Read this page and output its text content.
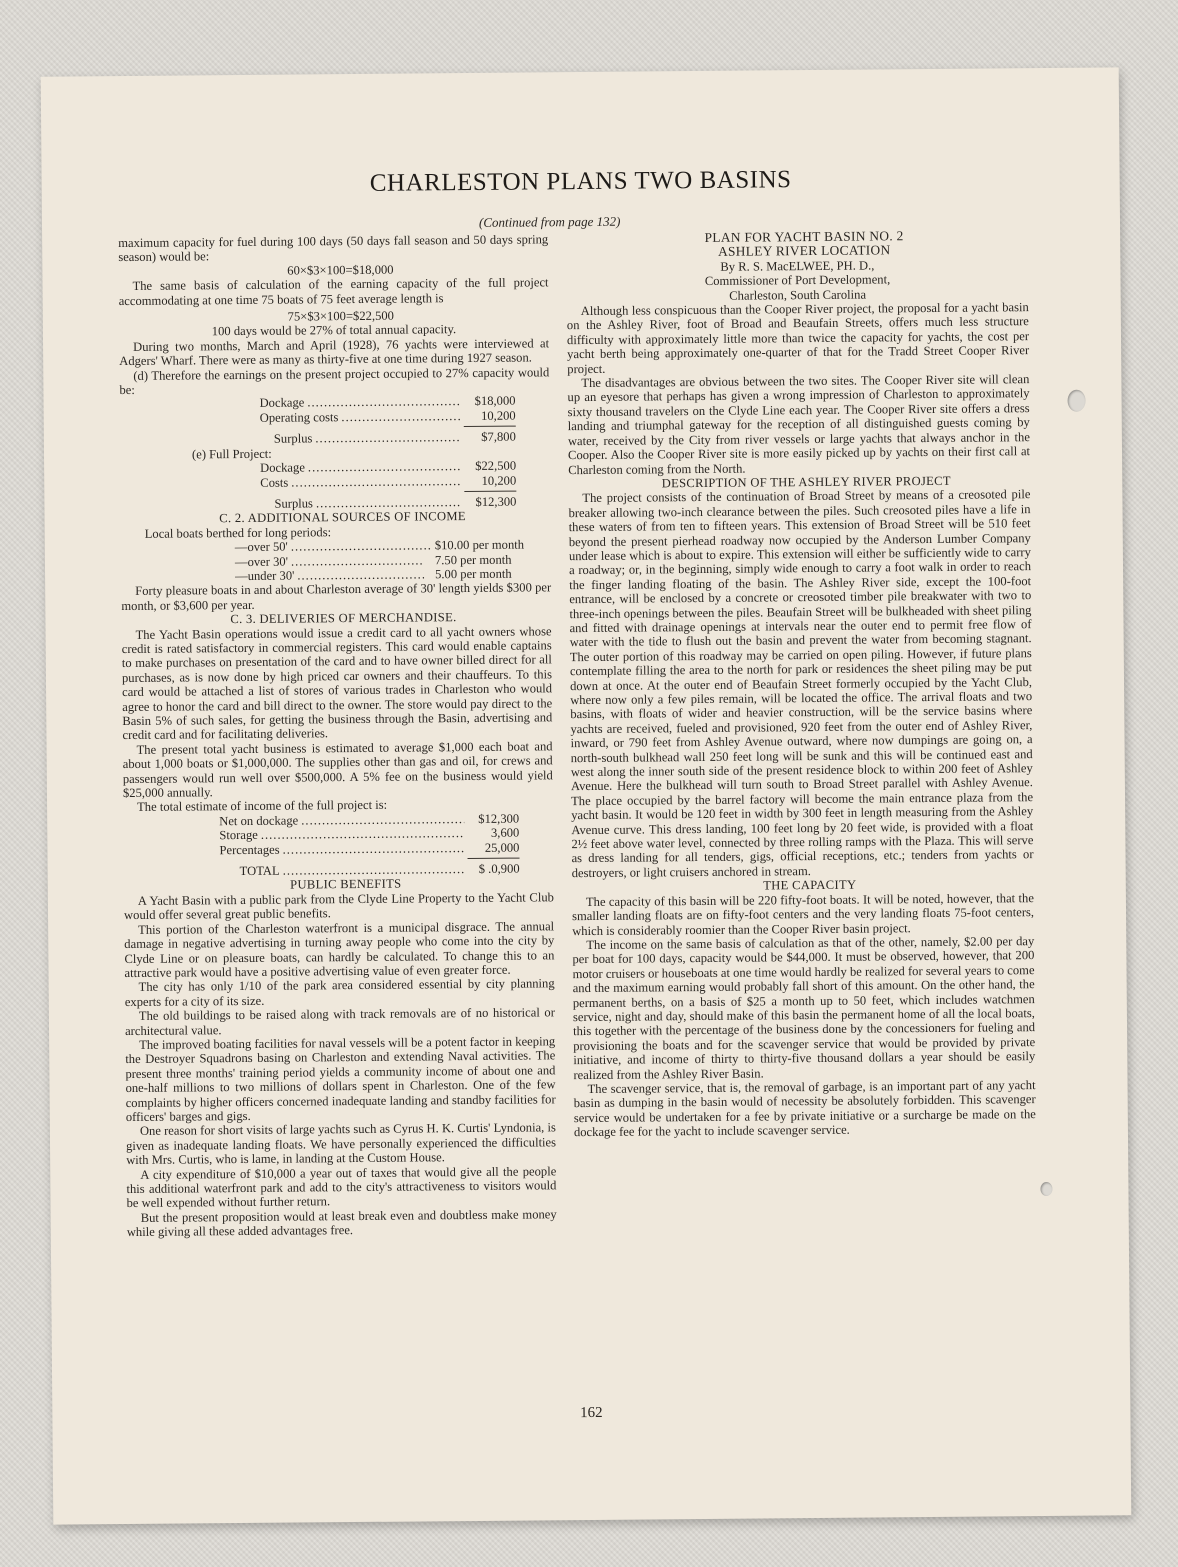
CHARLESTON PLANS TWO BASINS
(Continued from page 132)

maximum capacity for fuel during 100 days (50 days fall season and 50 days spring season) would be:

60×$3×100=$18,000

The same basis of calculation of the earning capacity of the full project accommodating at one time 75 boats of 75 feet average length is

75×$3×100=$22,500

100 days would be 27% of total annual capacity.

During two months, March and April (1928), 76 yachts were interviewed at Adgers' Wharf. There were as many as thirty-five at one time during 1927 season.

(d) Therefore the earnings on the present project occupied to 27% capacity would be:

Dockage .....	$18,000
Operating costs .....	10,200
Surplus .....	$7,800
(e) Full Project:
Dockage .....	$22,500
Costs .....	10,200
Surplus .....	$12,300

C. 2. ADDITIONAL SOURCES OF INCOME

Local boats berthed for long periods:

—over 50' .....	$10.00 per month
—over 30' .....	7.50 per month
—under 30' .....	5.00 per month

Forty pleasure boats in and about Charleston average of 30' length yields $300 per month, or $3,600 per year.

C. 3. DELIVERIES OF MERCHANDISE.

The Yacht Basin operations would issue a credit card to all yacht owners whose credit is rated satisfactory in commercial registers. This card would enable captains to make purchases on presentation of the card and to have owner billed direct for all purchases, as is now done by high priced car owners and their chauffeurs. To this card would be attached a list of stores of various trades in Charleston who would agree to honor the card and bill direct to the owner. The store would pay direct to the Basin 5% of such sales, for getting the business through the Basin, advertising and credit card and for facilitating deliveries.

The present total yacht business is estimated to average $1,000 each boat and about 1,000 boats or $1,000,000. The supplies other than gas and oil, for crews and passengers would run well over $500,000. A 5% fee on the business would yield $25,000 annually.

The total estimate of income of the full project is:

Net on dockage .....	$12,300
Storage .....	3,600
Percentages .....	25,000
TOTAL .....	$ .0,900

PUBLIC BENEFITS

A Yacht Basin with a public park from the Clyde Line Property to the Yacht Club would offer several great public benefits.

This portion of the Charleston waterfront is a municipal disgrace. The annual damage in negative advertising in turning away people who come into the city by Clyde Line or on pleasure boats, can hardly be calculated. To change this to an attractive park would have a positive advertising value of even greater force.

The city has only 1/10 of the park area considered essential by city planning experts for a city of its size.

The old buildings to be raised along with track removals are of no historical or architectural value.

The improved boating facilities for naval vessels will be a potent factor in keeping the Destroyer Squadrons basing on Charleston and extending Naval activities. The present three months' training period yields a community income of about one and one-half millions to two millions of dollars spent in Charleston. One of the few complaints by higher officers concerned inadequate landing and standby facilities for officers' barges and gigs.

One reason for short visits of large yachts such as Cyrus H. K. Curtis' Lyndonia, is given as inadequate landing floats. We have personally experienced the difficulties with Mrs. Curtis, who is lame, in landing at the Custom House.

A city expenditure of $10,000 a year out of taxes that would give all the people this additional waterfront park and add to the city's attractiveness to visitors would be well expended without further return.

But the present proposition would at least break even and doubtless make money while giving all these added advantages free.

PLAN FOR YACHT BASIN NO. 2

ASHLEY RIVER LOCATION

By R. S. MacELWEE, PH. D.,

Commissioner of Port Development,

Charleston, South Carolina

Although less conspicuous than the Cooper River project, the proposal for a yacht basin on the Ashley River, foot of Broad and Beaufain Streets, offers much less structure difficulty with approximately little more than twice the capacity for yachts, the cost per yacht berth being approximately one-quarter of that for the Tradd Street Cooper River project.

The disadvantages are obvious between the two sites. The Cooper River site will clean up an eyesore that perhaps has given a wrong impression of Charleston to approximately sixty thousand travelers on the Clyde Line each year. The Cooper River site offers a dress landing and triumphal gateway for the reception of all distinguished guests coming by water, received by the City from river vessels or large yachts that always anchor in the Cooper. Also the Cooper River site is more easily picked up by yachts on their first call at Charleston coming from the North.

DESCRIPTION OF THE ASHLEY RIVER PROJECT

The project consists of the continuation of Broad Street by means of a creosoted pile breaker allowing two-inch clearance between the piles. Such creosoted piles have a life in these waters of from ten to fifteen years. This extension of Broad Street will be 510 feet beyond the present pierhead roadway now occupied by the Anderson Lumber Company under lease which is about to expire. This extension will either be sufficiently wide to carry a roadway; or, in the beginning, simply wide enough to carry a foot walk in order to reach the finger landing floating of the basin. The Ashley River side, except the 100-foot entrance, will be enclosed by a concrete or creosoted timber pile breakwater with two to three-inch openings between the piles. Beaufain Street will be bulkheaded with sheet piling and fitted with drainage openings at intervals near the outer end to permit free flow of water with the tide to flush out the basin and prevent the water from becoming stagnant. The outer portion of this roadway may be carried on open piling. However, if future plans contemplate filling the area to the north for park or residences the sheet piling may be put down at once. At the outer end of Beaufain Street formerly occupied by the Yacht Club, where now only a few piles remain, will be located the office. The arrival floats and two basins, with floats of wider and heavier construction, will be the service basins where yachts are received, fueled and provisioned, 920 feet from the outer end of Ashley River, inward, or 790 feet from Ashley Avenue outward, where now dumpings are going on, a north-south bulkhead wall 250 feet long will be sunk and this will be continued east and west along the inner south side of the present residence block to within 200 feet of Ashley Avenue. Here the bulkhead will turn south to Broad Street parallel with Ashley Avenue. The place occupied by the barrel factory will become the main entrance plaza from the yacht basin. It would be 120 feet in width by 300 feet in length measuring from the Ashley Avenue curve. This dress landing, 100 feet long by 20 feet wide, is provided with a float 2½ feet above water level, connected by three rolling ramps with the Plaza. This will serve as dress landing for all tenders, gigs, official receptions, etc.; tenders from yachts or destroyers, or light cruisers anchored in stream.

THE CAPACITY

The capacity of this basin will be 220 fifty-foot boats. It will be noted, however, that the smaller landing floats are on fifty-foot centers and the very landing floats 75-foot centers, which is considerably roomier than the Cooper River basin project.

The income on the same basis of calculation as that of the other, namely, $2.00 per day per boat for 100 days, capacity would be $44,000. It must be observed, however, that 200 motor cruisers or houseboats at one time would hardly be realized for several years to come and the maximum earning would probably fall short of this amount. On the other hand, the permanent berths, on a basis of $25 a month up to 50 feet, which includes watchmen service, night and day, should make of this basin the permanent home of all the local boats, this together with the percentage of the business done by the concessioners for fueling and provisioning the boats and for the scavenger service that would be provided by private initiative, and income of thirty to thirty-five thousand dollars a year should be easily realized from the Ashley River Basin.

The scavenger service, that is, the removal of garbage, is an important part of any yacht basin as dumping in the basin would of necessity be absolutely forbidden. This scavenger service would be undertaken for a fee by private initiative or a surcharge be made on the dockage fee for the yacht to include scavenger service.

162
